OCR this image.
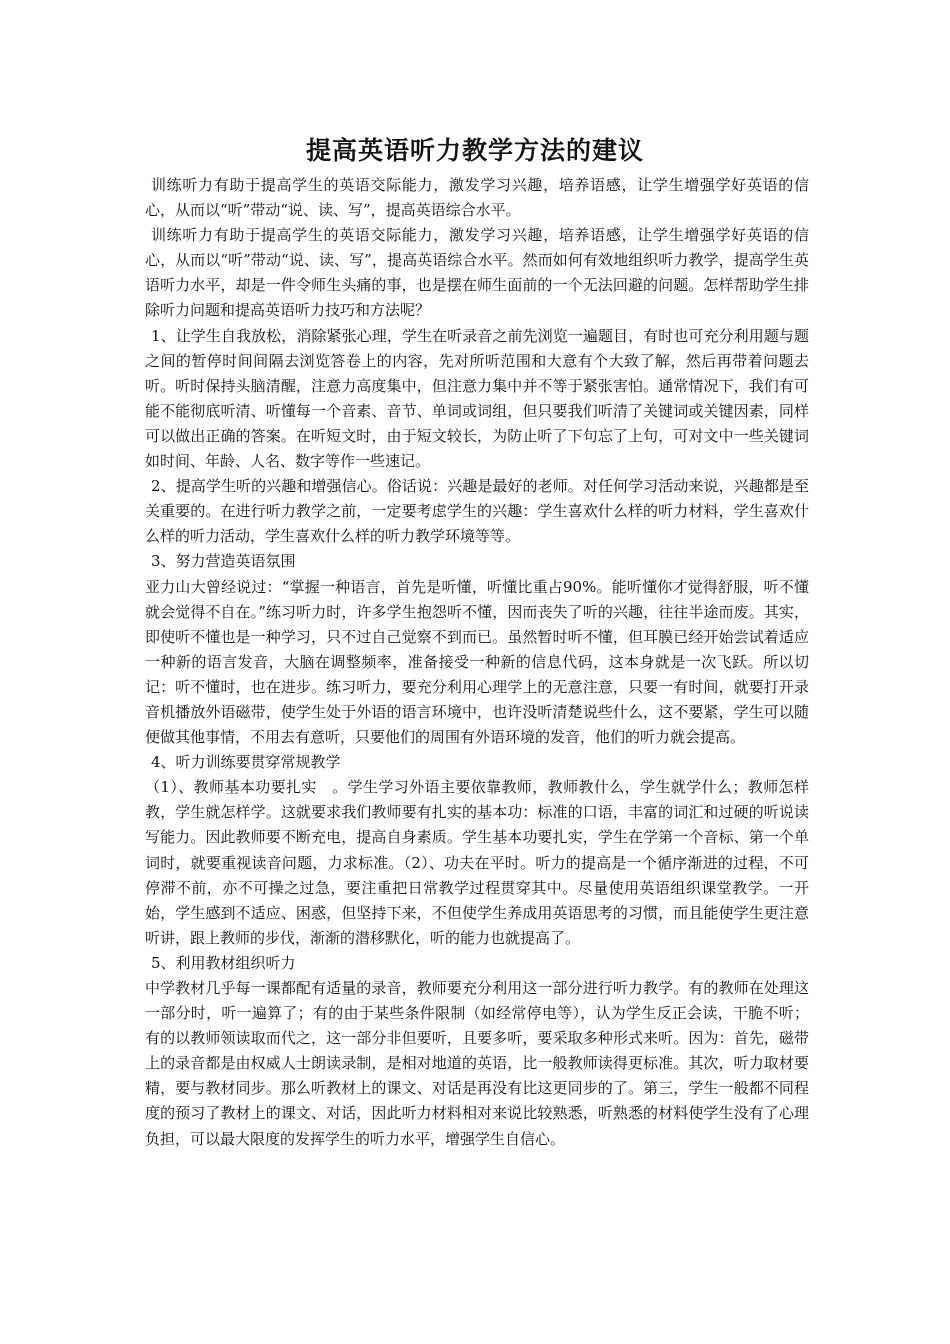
提高英语听力教学方法的建议

训练听力有助于提高学生的英语交际能力，激发学习兴趣，培养语感，让学生增强学好英语的信心，从而以“听”带动“说、读、写”，提高英语综合水平。

训练听力有助于提高学生的英语交际能力，激发学习兴趣，培养语感，让学生增强学好英语的信心，从而以“听”带动“说、读、写”，提高英语综合水平。然而如何有效地组织听力教学，提高学生英语听力水平，却是一件令师生头痛的事，也是摆在师生面前的一个无法回避的问题。怎样帮助学生排除听力问题和提高英语听力技巧和方法呢？

1、让学生自我放松，消除紧张心理，学生在听录音之前先浏览一遍题目，有时也可充分利用题与题之间的暂停时间间隔去浏览答卷上的内容，先对所听范围和大意有个大致了解，然后再带着问题去听。听时保持头脑清醒，注意力高度集中，但注意力集中并不等于紧张害怕。通常情况下，我们有可能不能彻底听清、听懂每一个音素、音节、单词或词组，但只要我们听清了关键词或关键因素，同样可以做出正确的答案。在听短文时，由于短文较长，为防止听了下句忘了上句，可对文中一些关键词如时间、年龄、人名、数字等作一些速记。

2、提高学生听的兴趣和增强信心。俗话说：兴趣是最好的老师。对任何学习活动来说，兴趣都是至关重要的。在进行听力教学之前，一定要考虑学生的兴趣：学生喜欢什么样的听力材料，学生喜欢什么样的听力活动，学生喜欢什么样的听力教学环境等等。

3、努力营造英语氛围

亚力山大曾经说过：“掌握一种语言，首先是听懂，听懂比重占90%。能听懂你才觉得舒服，听不懂就会觉得不自在。”练习听力时，许多学生抱怨听不懂，因而丧失了听的兴趣，往往半途而废。其实，即使听不懂也是一种学习，只不过自己觉察不到而已。虽然暂时听不懂，但耳膜已经开始尝试着适应一种新的语言发音，大脑在调整频率，准备接受一种新的信息代码，这本身就是一次飞跃。所以切记：听不懂时，也在进步。练习听力，要充分利用心理学上的无意注意，只要一有时间，就要打开录音机播放外语磁带，使学生处于外语的语言环境中，也许没听清楚说些什么，这不要紧，学生可以随便做其他事情，不用去有意听，只要他们的周围有外语环境的发音，他们的听力就会提高。

4、听力训练要贯穿常规教学

（1）、教师基本功要扎实　。学生学习外语主要依靠教师，教师教什么，学生就学什么；教师怎样教，学生就怎样学。这就要求我们教师要有扎实的基本功：标准的口语，丰富的词汇和过硬的听说读写能力。因此教师要不断充电，提高自身素质。学生基本功要扎实，学生在学第一个音标、第一个单词时，就要重视读音问题，力求标准。（2）、功夫在平时。听力的提高是一个循序渐进的过程，不可停滞不前，亦不可操之过急，要注重把日常教学过程贯穿其中。尽量使用英语组织课堂教学。一开始，学生感到不适应、困惑，但坚持下来，不但使学生养成用英语思考的习惯，而且能使学生更注意听讲，跟上教师的步伐，渐渐的潜移默化，听的能力也就提高了。

5、利用教材组织听力

中学教材几乎每一课都配有适量的录音，教师要充分利用这一部分进行听力教学。有的教师在处理这一部分时，听一遍算了；有的由于某些条件限制（如经常停电等），认为学生反正会读，干脆不听；有的以教师领读取而代之，这一部分非但要听，且要多听，要采取多种形式来听。因为：首先，磁带上的录音都是由权威人士朗读录制，是相对地道的英语，比一般教师读得更标准。其次，听力取材要精，要与教材同步。那么听教材上的课文、对话是再没有比这更同步的了。第三，学生一般都不同程度的预习了教材上的课文、对话，因此听力材料相对来说比较熟悉，听熟悉的材料使学生没有了心理负担，可以最大限度的发挥学生的听力水平，增强学生自信心。
